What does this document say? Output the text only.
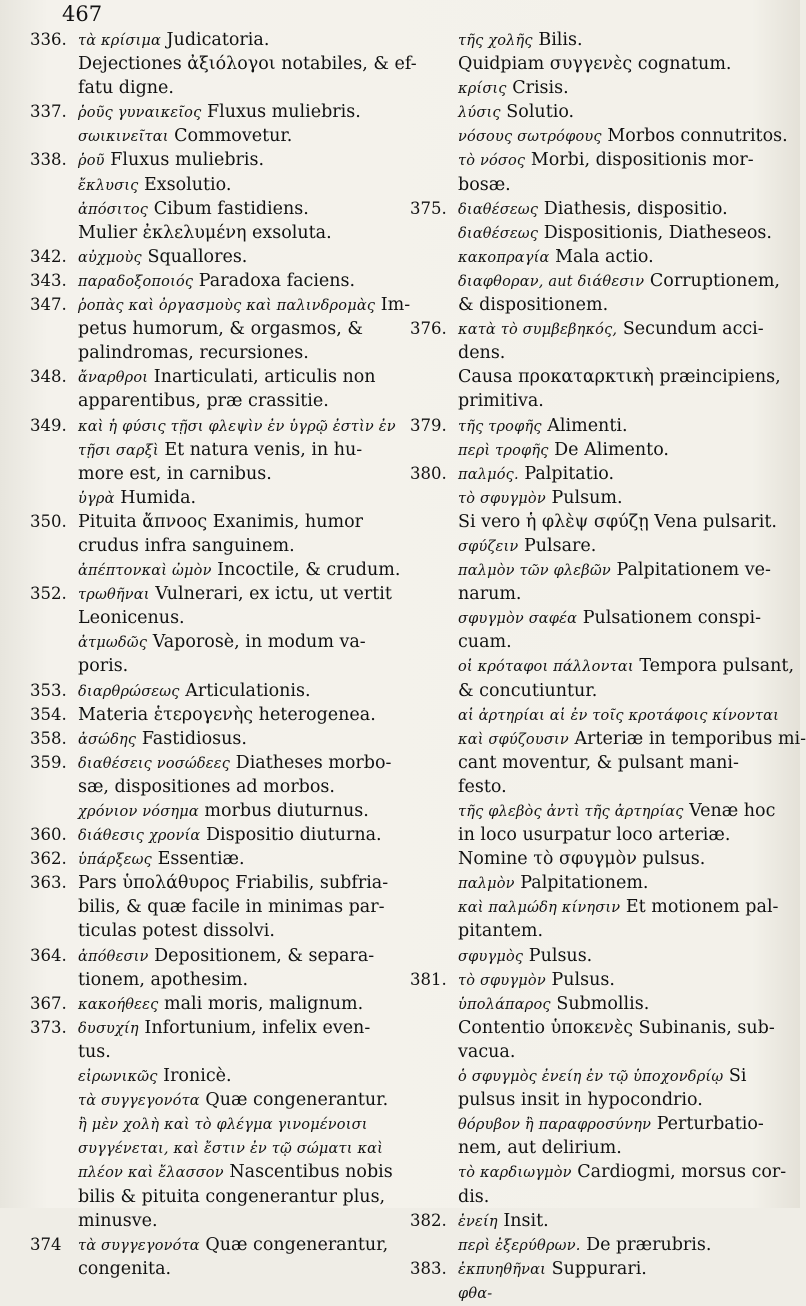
467
336. τὰ κρίσιμα Judicatoria.
Dejectiones ἀξιόλογοι notabiles, & ef-
fatu digne.
337. ῥοῦς γυναικεῖος Fluxus muliebris.
σωικινεῖται Commovetur.
338. ῥοῦ Fluxus muliebris.
ἔκλυσις Exsolutio.
ἀπόσιτος Cibum fastidiens.
Mulier ἐκλελυμένη exsoluta.
342. αὐχμοὺς Squallores.
343. παραδοξοποιός Paradoxa faciens.
347. ῥοπὰς καὶ ὀργασμοὺς καὶ παλινδρομὰς Im-
petus humorum, & orgasmos, &
palindromas, recursiones.
348. ἄναρθροι Inarticulati, articulis non
apparentibus, præ crassitie.
349. καὶ ἡ φύσις τῇσι φλεψὶν ἐν ὑγρῷ ἐστὶν ἐν
τῇσι σαρξὶ Et natura venis, in hu-
more est, in carnibus.
ὑγρὰ Humida.
350. Pituita ἄπνοος Exanimis, humor
crudus infra sanguinem.
ἀπέπτονκαὶ ὠμὸν Incoctile, & crudum.
352. τρωθῆναι Vulnerari, ex ictu, ut vertit
Leonicenus.
ἀτμωδῶς Vaporosè, in modum va-
poris.
353. διαρθρώσεως Articulationis.
354. Materia ἑτερογενὴς heterogenea.
358. ἀσώδης Fastidiosus.
359. διαθέσεις νοσώδεες Diatheses morbo-
sæ, dispositiones ad morbos.
χρόνιον νόσημα morbus diuturnus.
360. διάθεσις χρονία Dispositio diuturna.
362. ὑπάρξεως Essentiæ.
363. Pars ὑπολάθυρος Friabilis, subfria-
bilis, & quæ facile in minimas par-
ticulas potest dissolvi.
364. ἀπόθεσιν Depositionem, & separa-
tionem, apothesim.
367. κακοήθεες mali moris, malignum.
373. δυσυχίη Infortunium, infelix even-
tus.
εἰρωνικῶς Ironicè.
τὰ συγγεγονότα Quæ congenerantur.
ἢ μὲν χολὴ καὶ τὸ φλέγμα γινομένοισι
συγγένεται, καὶ ἔστιν ἐν τῷ σώματι καὶ
πλέον καὶ ἔλασσον Nascentibus nobis
bilis & pituita congenerantur plus,
minusve.
374	τὰ συγγεγονότα Quæ congenerantur,
congenita.
τῆς χολῆς Bilis.
Quidpiam συγγενὲς cognatum.
κρίσις Crisis.
λύσις Solutio.
νόσους σωτρόφους Morbos connutritos.
τὸ νόσος Morbi, dispositionis mor-
bosæ.
375. διαθέσεως Diathesis, dispositio.
διαθέσεως Dispositionis, Diatheseos.
κακοπραγία Mala actio.
διαφθοραν, aut διάθεσιν Corruptionem,
& dispositionem.
376. κατὰ τὸ συμβεβηκός, Secundum acci-
dens.
Causa προκαταρκτικὴ præincipiens,
primitiva.
379. τῆς τροφῆς Alimenti.
περὶ τροφῆς De Alimento.
380. παλμός. Palpitatio.
τὸ σφυγμὸν Pulsum.
Si vero ἡ φλὲψ σφύζῃ Vena pulsarit.
σφύζειν Pulsare.
παλμὸν τῶν φλεβῶν Palpitationem ve-
narum.
σφυγμὸν σαφέα Pulsationem conspi-
cuam.
οἱ κρόταφοι πάλλονται Tempora pulsant,
& concutiuntur.
αἱ ἀρτηρίαι αἱ ἐν τοῖς κροτάφοις κίνονται
καὶ σφύζουσιν Arteriæ in temporibus mi-
cant moventur, & pulsant mani-
festo.
τῆς φλεβὸς ἀντὶ τῆς ἀρτηρίας Venæ hoc
in loco usurpatur loco arteriæ.
Nomine τὸ σφυγμὸν pulsus.
παλμὸν Palpitationem.
καὶ παλμώδη κίνησιν Et motionem pal-
pitantem.
σφυγμὸς Pulsus.
381. τὸ σφυγμὸν Pulsus.
ὑπολάπαρος Submollis.
Contentio ὑποκενὲς Subinanis, sub-
vacua.
ὁ σφυγμὸς ἐνείη ἐν τῷ ὑποχονδρίῳ Si
pulsus insit in hypocondrio.
θόρυβον ἢ παραφροσύνην Perturbatio-
nem, aut delirium.
τὸ καρδιωγμὸν Cardiogmi, morsus cor-
dis.
382. ἐνείη Insit.
περὶ ἐξερύθρων. De prærubris.
383. ἐκπυηθῆναι Suppurari.
φθα-
